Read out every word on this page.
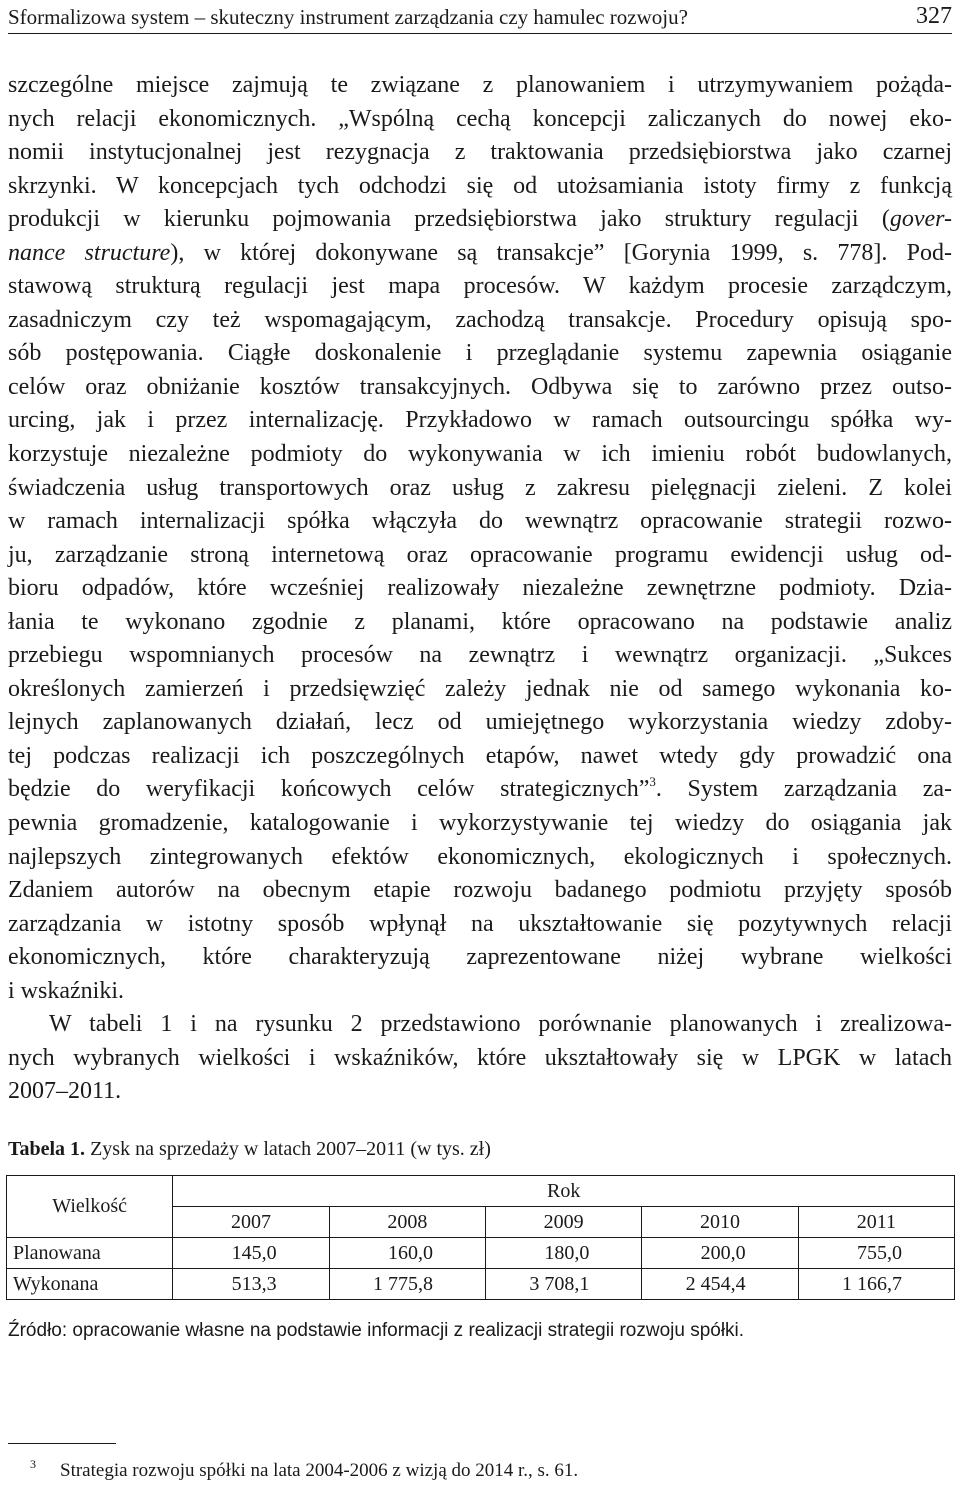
Sformalizowa system – skuteczny instrument zarządzania czy hamulec rozwoju?	327
szczególne miejsce zajmują te związane z planowaniem i utrzymywaniem pożąda-
nych relacji ekonomicznych. „Wspólną cechą koncepcji zaliczanych do nowej eko-
nomii instytucjonalnej jest rezygnacja z traktowania przedsiębiorstwa jako czarnej
skrzynki. W koncepcjach tych odchodzi się od utożsamiania istoty firmy z funkcją
produkcji w kierunku pojmowania przedsiębiorstwa jako struktury regulacji (gover-
nance structure), w której dokonywane są transakcje” [Gorynia 1999, s. 778]. Pod-
stawową strukturą regulacji jest mapa procesów. W każdym procesie zarządczym,
zasadniczym czy też wspomagającym, zachodzą transakcje. Procedury opisują spo-
sób postępowania. Ciągłe doskonalenie i przeglądanie systemu zapewnia osiąganie
celów oraz obniżanie kosztów transakcyjnych. Odbywa się to zarówno przez outso-
urcing, jak i przez internalizację. Przykładowo w ramach outsourcingu spółka wy-
korzystuje niezależne podmioty do wykonywania w ich imieniu robót budowlanych,
świadczenia usług transportowych oraz usług z zakresu pielęgnacji zieleni. Z kolei
w ramach internalizacji spółka włączyła do wewnątrz opracowanie strategii rozwo-
ju, zarządzanie stroną internetową oraz opracowanie programu ewidencji usług od-
bioru odpadów, które wcześniej realizowały niezależne zewnętrzne podmioty. Dzia-
łania te wykonano zgodnie z planami, które opracowano na podstawie analiz
przebiegu wspomnianych procesów na zewnątrz i wewnątrz organizacji. „Sukces
określonych zamierzeń i przedsięwzięć zależy jednak nie od samego wykonania ko-
lejnych zaplanowanych działań, lecz od umiejętnego wykorzystania wiedzy zdoby-
tej podczas realizacji ich poszczególnych etapów, nawet wtedy gdy prowadzić ona
będzie do weryfikacji końcowych celów strategicznych”$^3$. System zarządzania za-
pewnia gromadzenie, katalogowanie i wykorzystywanie tej wiedzy do osiągania jak
najlepszych zintegrowanych efektów ekonomicznych, ekologicznych i społecznych.
Zdaniem autorów na obecnym etapie rozwoju badanego podmiotu przyjęty sposób
zarządzania w istotny sposób wpłynął na ukształtowanie się pozytywnych relacji
ekonomicznych, które charakteryzują zaprezentowane niżej wybrane wielkości
i wskaźniki.
W tabeli 1 i na rysunku 2 przedstawiono porównanie planowanych i zrealizowa-
nych wybranych wielkości i wskaźników, które ukształtowały się w LPGK w latach
2007–2011.
Tabela 1. Zysk na sprzedaży w latach 2007–2011 (w tys. zł)
Wielkość	Rok				
	2007	2008	2009	2010	2011
Planowana	145,0	160,0	180,0	200,0	755,0
Wykonana	513,3	1 775,8	3 708,1	2 454,4	1 166,7
Źródło: opracowanie własne na podstawie informacji z realizacji strategii rozwoju spółki.
$^3$ Strategia rozwoju spółki na lata 2004-2006 z wizją do 2014 r., s. 61.
